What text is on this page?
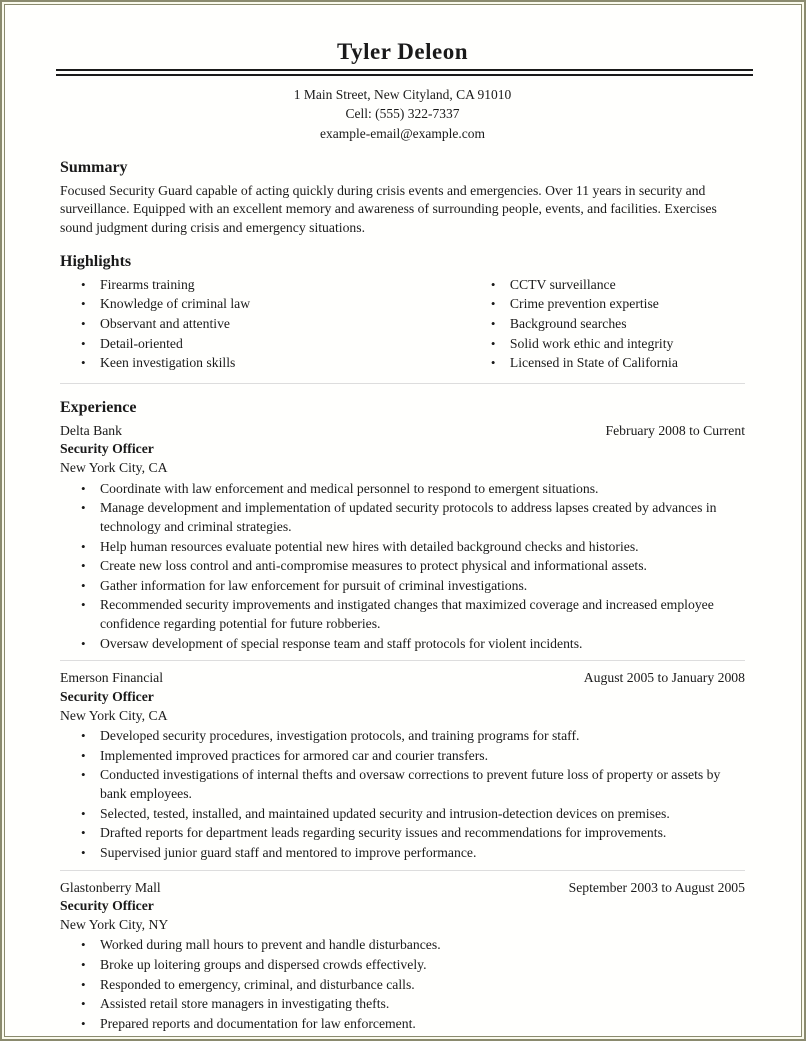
Tyler Deleon
1 Main Street, New Cityland, CA 91010
Cell: (555) 322-7337
example-email@example.com
Summary

Focused Security Guard capable of acting quickly during crisis events and emergencies. Over 11 years in security and surveillance. Equipped with an excellent memory and awareness of surrounding people, events, and facilities. Exercises sound judgment during crisis and emergency situations.

Highlights
• Firearms training
• Knowledge of criminal law
• Observant and attentive
• Detail-oriented
• Keen investigation skills
• CCTV surveillance
• Crime prevention expertise
• Background searches
• Solid work ethic and integrity
• Licensed in State of California
Experience
Delta Bank	February 2008 to Current
Security Officer
New York City, CA
• Coordinate with law enforcement and medical personnel to respond to emergent situations.
• Manage development and implementation of updated security protocols to address lapses created by advances in technology and criminal strategies.
• Help human resources evaluate potential new hires with detailed background checks and histories.
• Create new loss control and anti-compromise measures to protect physical and informational assets.
• Gather information for law enforcement for pursuit of criminal investigations.
• Recommended security improvements and instigated changes that maximized coverage and increased employee confidence regarding potential for future robberies.
• Oversaw development of special response team and staff protocols for violent incidents.
Emerson Financial	August 2005 to January 2008
Security Officer
New York City, CA
• Developed security procedures, investigation protocols, and training programs for staff.
• Implemented improved practices for armored car and courier transfers.
• Conducted investigations of internal thefts and oversaw corrections to prevent future loss of property or assets by bank employees.
• Selected, tested, installed, and maintained updated security and intrusion-detection devices on premises.
• Drafted reports for department leads regarding security issues and recommendations for improvements.
• Supervised junior guard staff and mentored to improve performance.
Glastonberry Mall	September 2003 to August 2005
Security Officer
New York City, NY
• Worked during mall hours to prevent and handle disturbances.
• Broke up loitering groups and dispersed crowds effectively.
• Responded to emergency, criminal, and disturbance calls.
• Assisted retail store managers in investigating thefts.
• Prepared reports and documentation for law enforcement.
